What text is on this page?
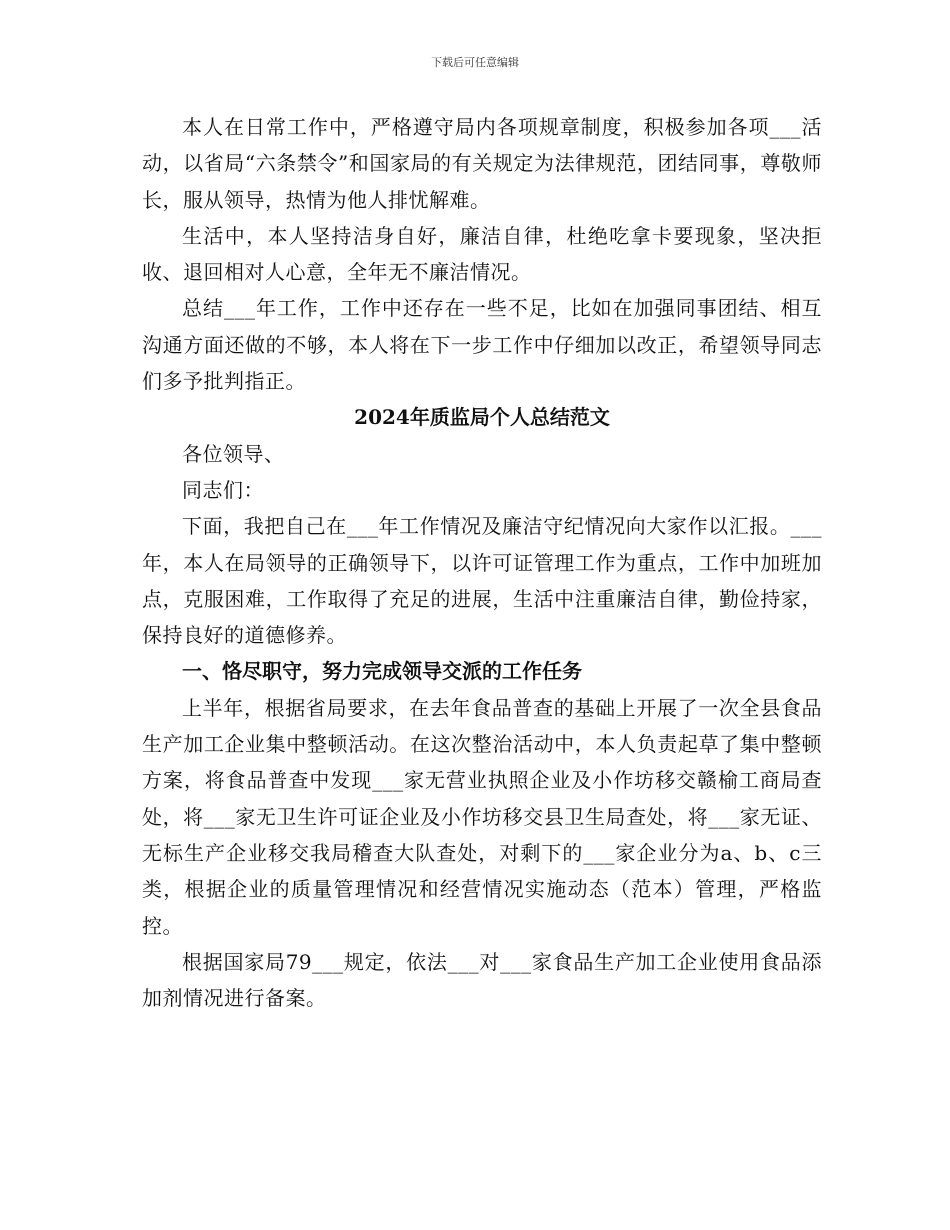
下载后可任意编辑

本人在日常工作中，严格遵守局内各项规章制度，积极参加各项___活动，以省局“六条禁令”和国家局的有关规定为法律规范，团结同事，尊敬师长，服从领导，热情为他人排忧解难。

生活中，本人坚持洁身自好，廉洁自律，杜绝吃拿卡要现象，坚决拒收、退回相对人心意，全年无不廉洁情况。

总结___年工作，工作中还存在一些不足，比如在加强同事团结、相互沟通方面还做的不够，本人将在下一步工作中仔细加以改正，希望领导同志们多予批判指正。

2024年质监局个人总结范文

各位领导、

同志们：

下面，我把自己在___年工作情况及廉洁守纪情况向大家作以汇报。___年，本人在局领导的正确领导下，以许可证管理工作为重点，工作中加班加点，克服困难，工作取得了充足的进展，生活中注重廉洁自律，勤俭持家，保持良好的道德修养。

一、恪尽职守，努力完成领导交派的工作任务

上半年，根据省局要求，在去年食品普查的基础上开展了一次全县食品生产加工企业集中整顿活动。在这次整治活动中，本人负责起草了集中整顿方案，将食品普查中发现___家无营业执照企业及小作坊移交赣榆工商局查处，将___家无卫生许可证企业及小作坊移交县卫生局查处，将___家无证、无标生产企业移交我局稽查大队查处，对剩下的___家企业分为a、b、c三类，根据企业的质量管理情况和经营情况实施动态（范本）管理，严格监控。

根据国家局79___规定，依法___对___家食品生产加工企业使用食品添加剂情况进行备案。
